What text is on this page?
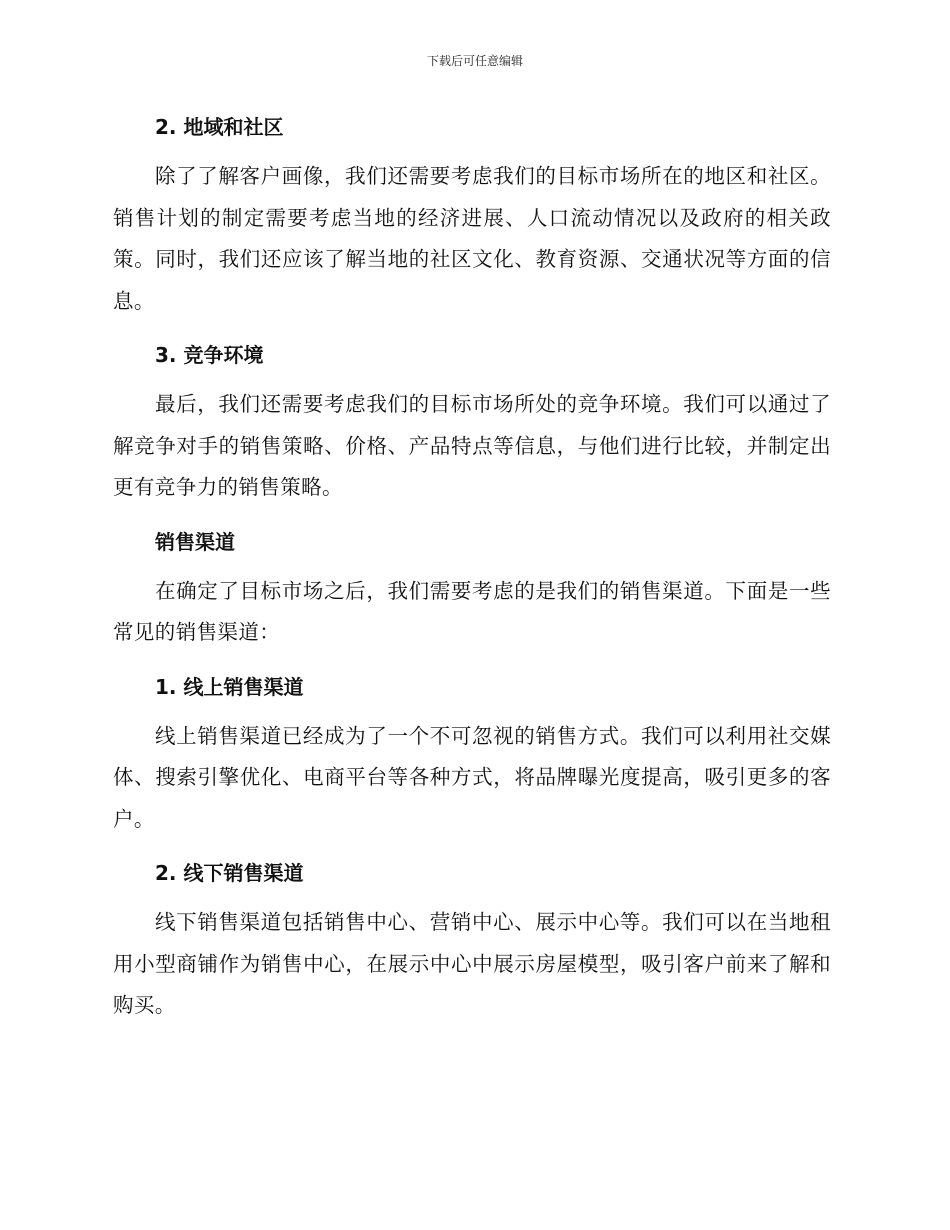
下载后可任意编辑
2. 地域和社区

除了了解客户画像，我们还需要考虑我们的目标市场所在的地区和社区。销售计划的制定需要考虑当地的经济进展、人口流动情况以及政府的相关政策。同时，我们还应该了解当地的社区文化、教育资源、交通状况等方面的信息。

3. 竞争环境

最后，我们还需要考虑我们的目标市场所处的竞争环境。我们可以通过了解竞争对手的销售策略、价格、产品特点等信息，与他们进行比较，并制定出更有竞争力的销售策略。

销售渠道

在确定了目标市场之后，我们需要考虑的是我们的销售渠道。下面是一些常见的销售渠道：

1. 线上销售渠道

线上销售渠道已经成为了一个不可忽视的销售方式。我们可以利用社交媒体、搜索引擎优化、电商平台等各种方式，将品牌曝光度提高，吸引更多的客户。

2. 线下销售渠道

线下销售渠道包括销售中心、营销中心、展示中心等。我们可以在当地租用小型商铺作为销售中心，在展示中心中展示房屋模型，吸引客户前来了解和购买。
